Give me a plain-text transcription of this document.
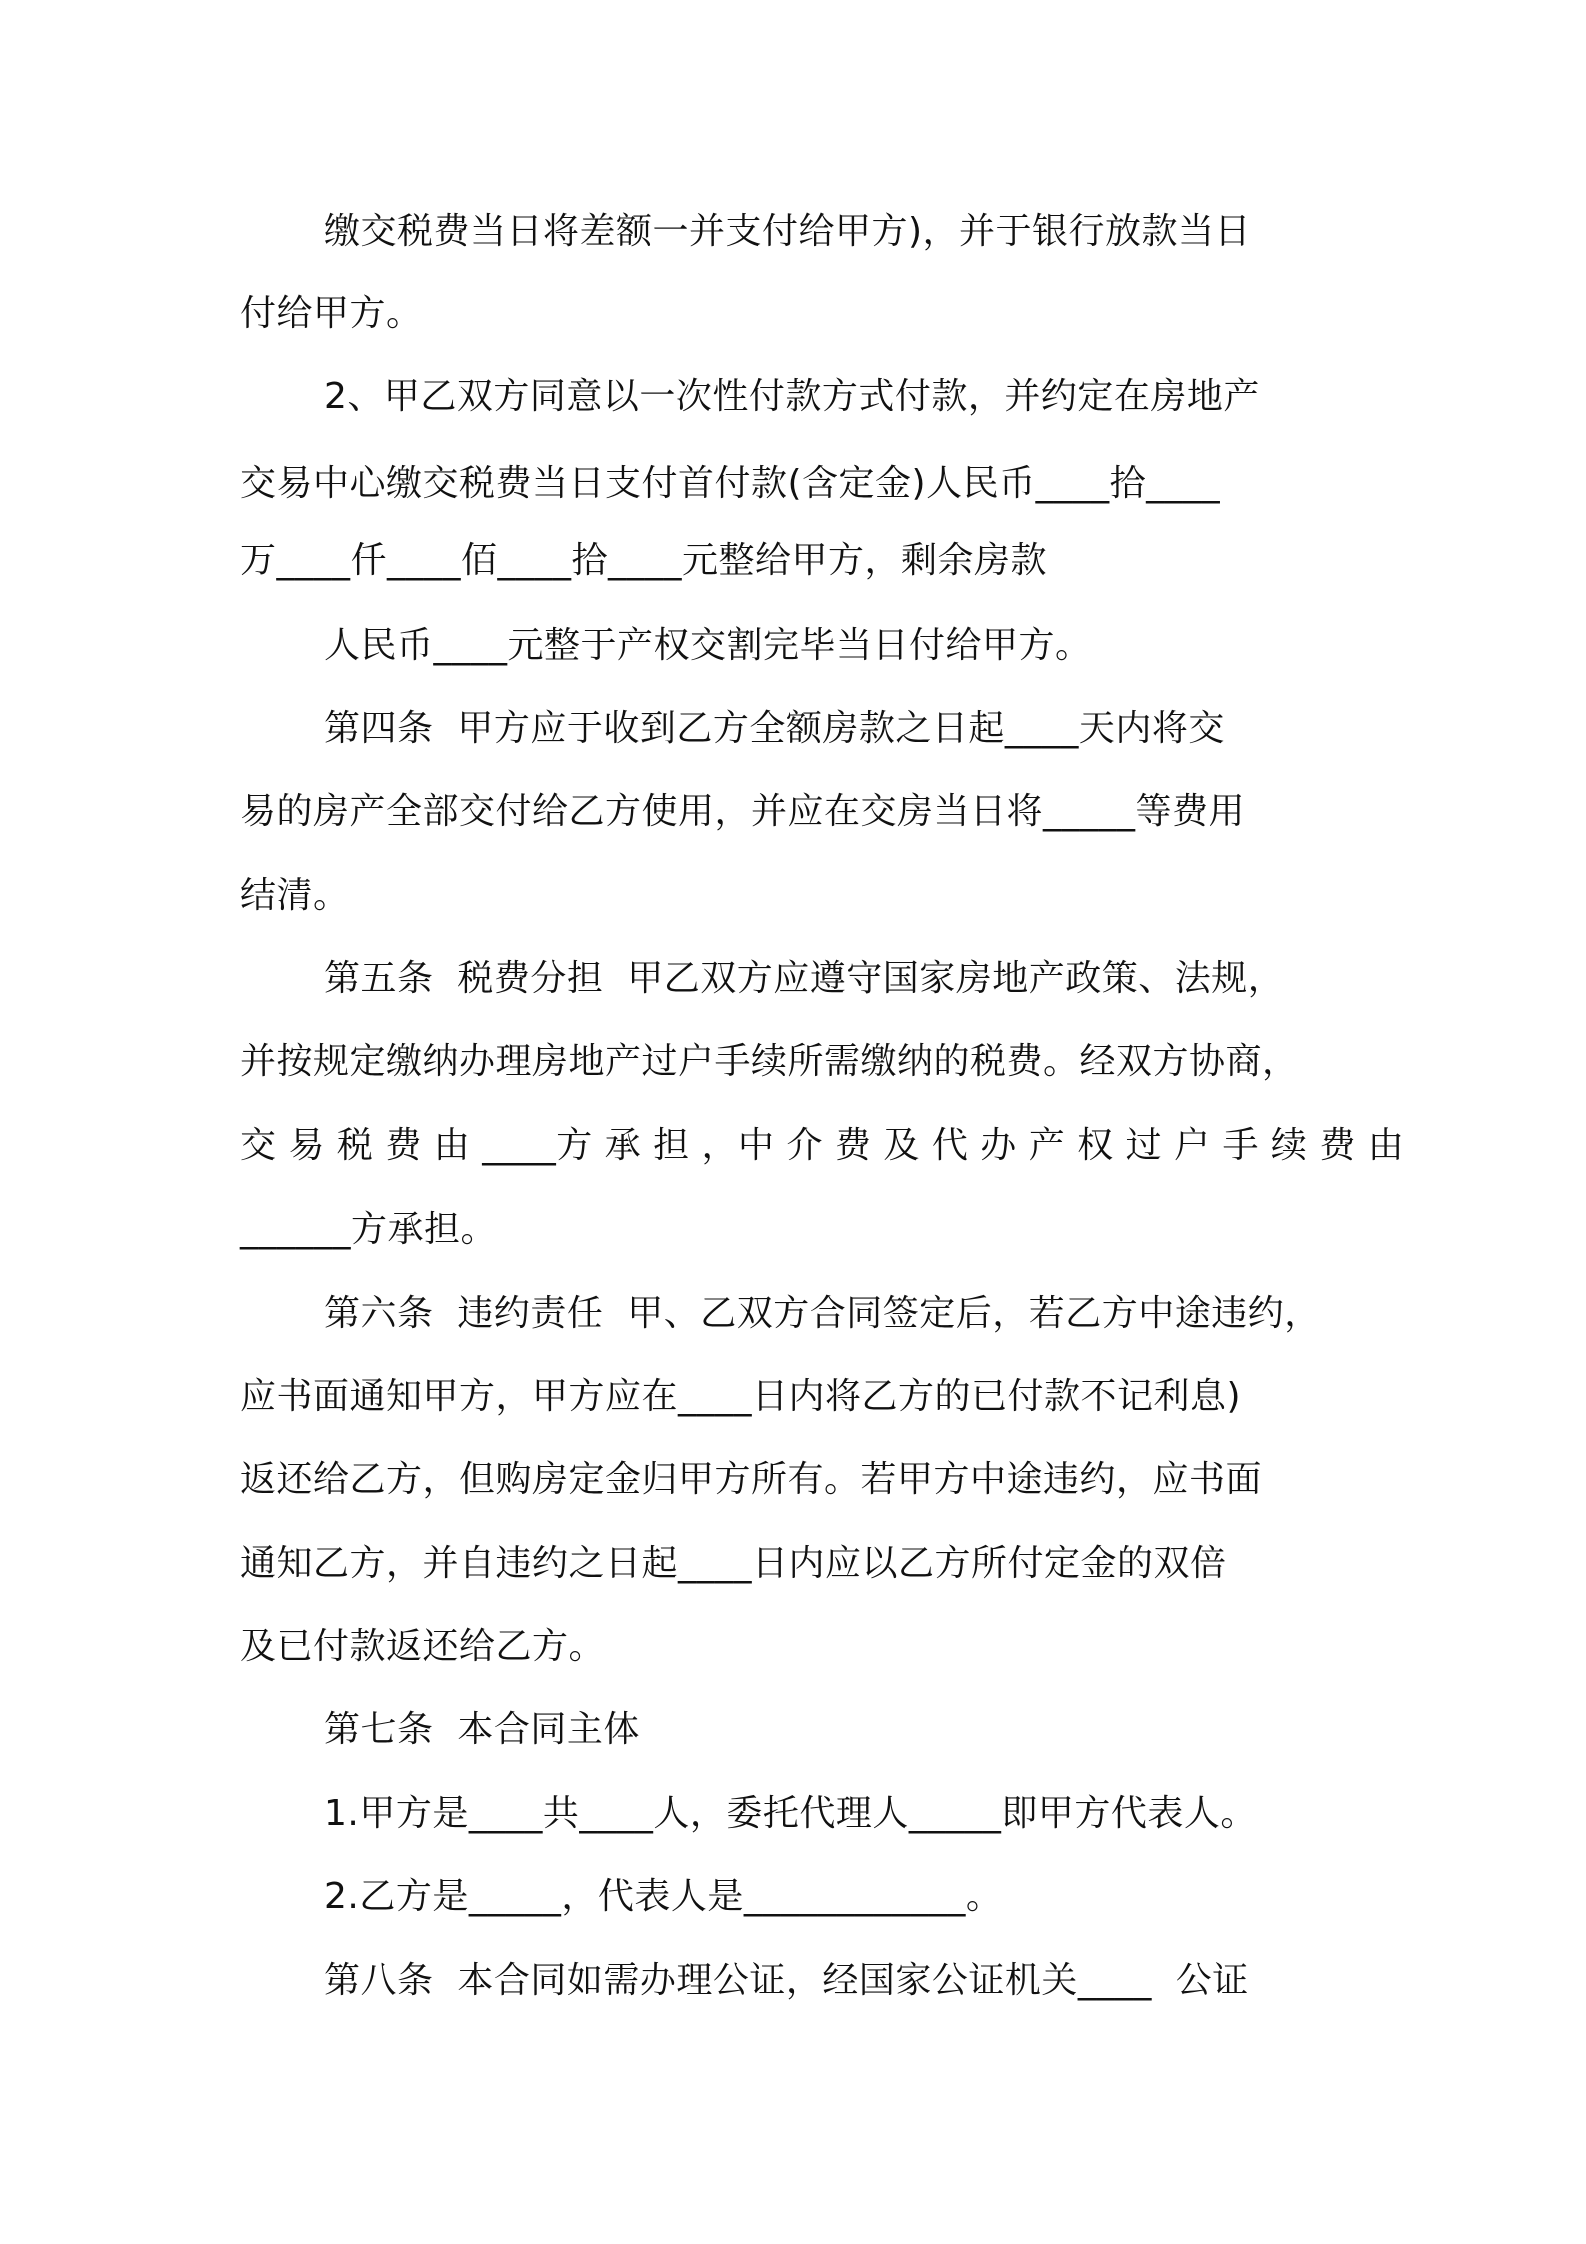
缴交税费当日将差额一并支付给甲方)，并于银行放款当日
付给甲方。
2、甲乙双方同意以一次性付款方式付款，并约定在房地产
交易中心缴交税费当日支付首付款(含定金)人民币____拾____
万____仟____佰____拾____元整给甲方，剩余房款
人民币____元整于产权交割完毕当日付给甲方。
第四条  甲方应于收到乙方全额房款之日起____天内将交
易的房产全部交付给乙方使用，并应在交房当日将_____等费用
结清。
第五条  税费分担  甲乙双方应遵守国家房地产政策、法规，
并按规定缴纳办理房地产过户手续所需缴纳的税费。经双方协商，
交 易 税 费 由 ____方 承 担 ，中 介 费 及 代 办 产 权 过 户 手 续 费 由
______方承担。
第六条  违约责任  甲、乙双方合同签定后，若乙方中途违约，
应书面通知甲方，甲方应在____日内将乙方的已付款不记利息)
返还给乙方，但购房定金归甲方所有。若甲方中途违约，应书面
通知乙方，并自违约之日起____日内应以乙方所付定金的双倍
及已付款返还给乙方。
第七条  本合同主体
1.甲方是____共____人，委托代理人_____即甲方代表人。
2.乙方是_____，代表人是____________。
第八条  本合同如需办理公证，经国家公证机关____  公证
